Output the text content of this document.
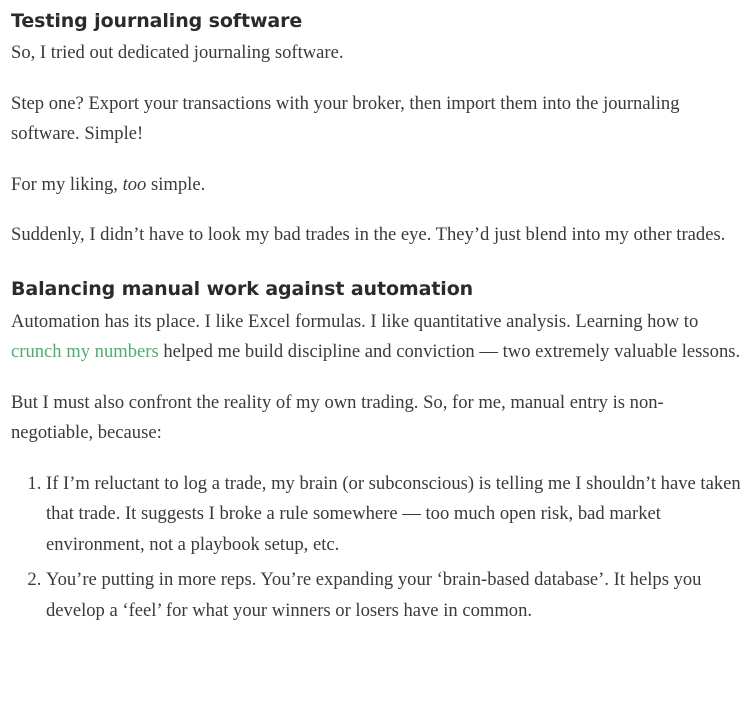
Testing journaling software

So, I tried out dedicated journaling software.

Step one? Export your transactions with your broker, then import them into the journaling software. Simple!

For my liking, too simple.

Suddenly, I didn’t have to look my bad trades in the eye. They’d just blend into my other trades.

Balancing manual work against automation

Automation has its place. I like Excel formulas. I like quantitative analysis. Learning how to crunch my numbers helped me build discipline and conviction — two extremely valuable lessons.

But I must also confront the reality of my own trading. So, for me, manual entry is non-negotiable, because:

1. If I’m reluctant to log a trade, my brain (or subconscious) is telling me I shouldn’t have taken that trade. It suggests I broke a rule somewhere — too much open risk, bad market environment, not a playbook setup, etc.
2. You’re putting in more reps. You’re expanding your ‘brain-based database’. It helps you develop a ‘feel’ for what your winners or losers have in common.
